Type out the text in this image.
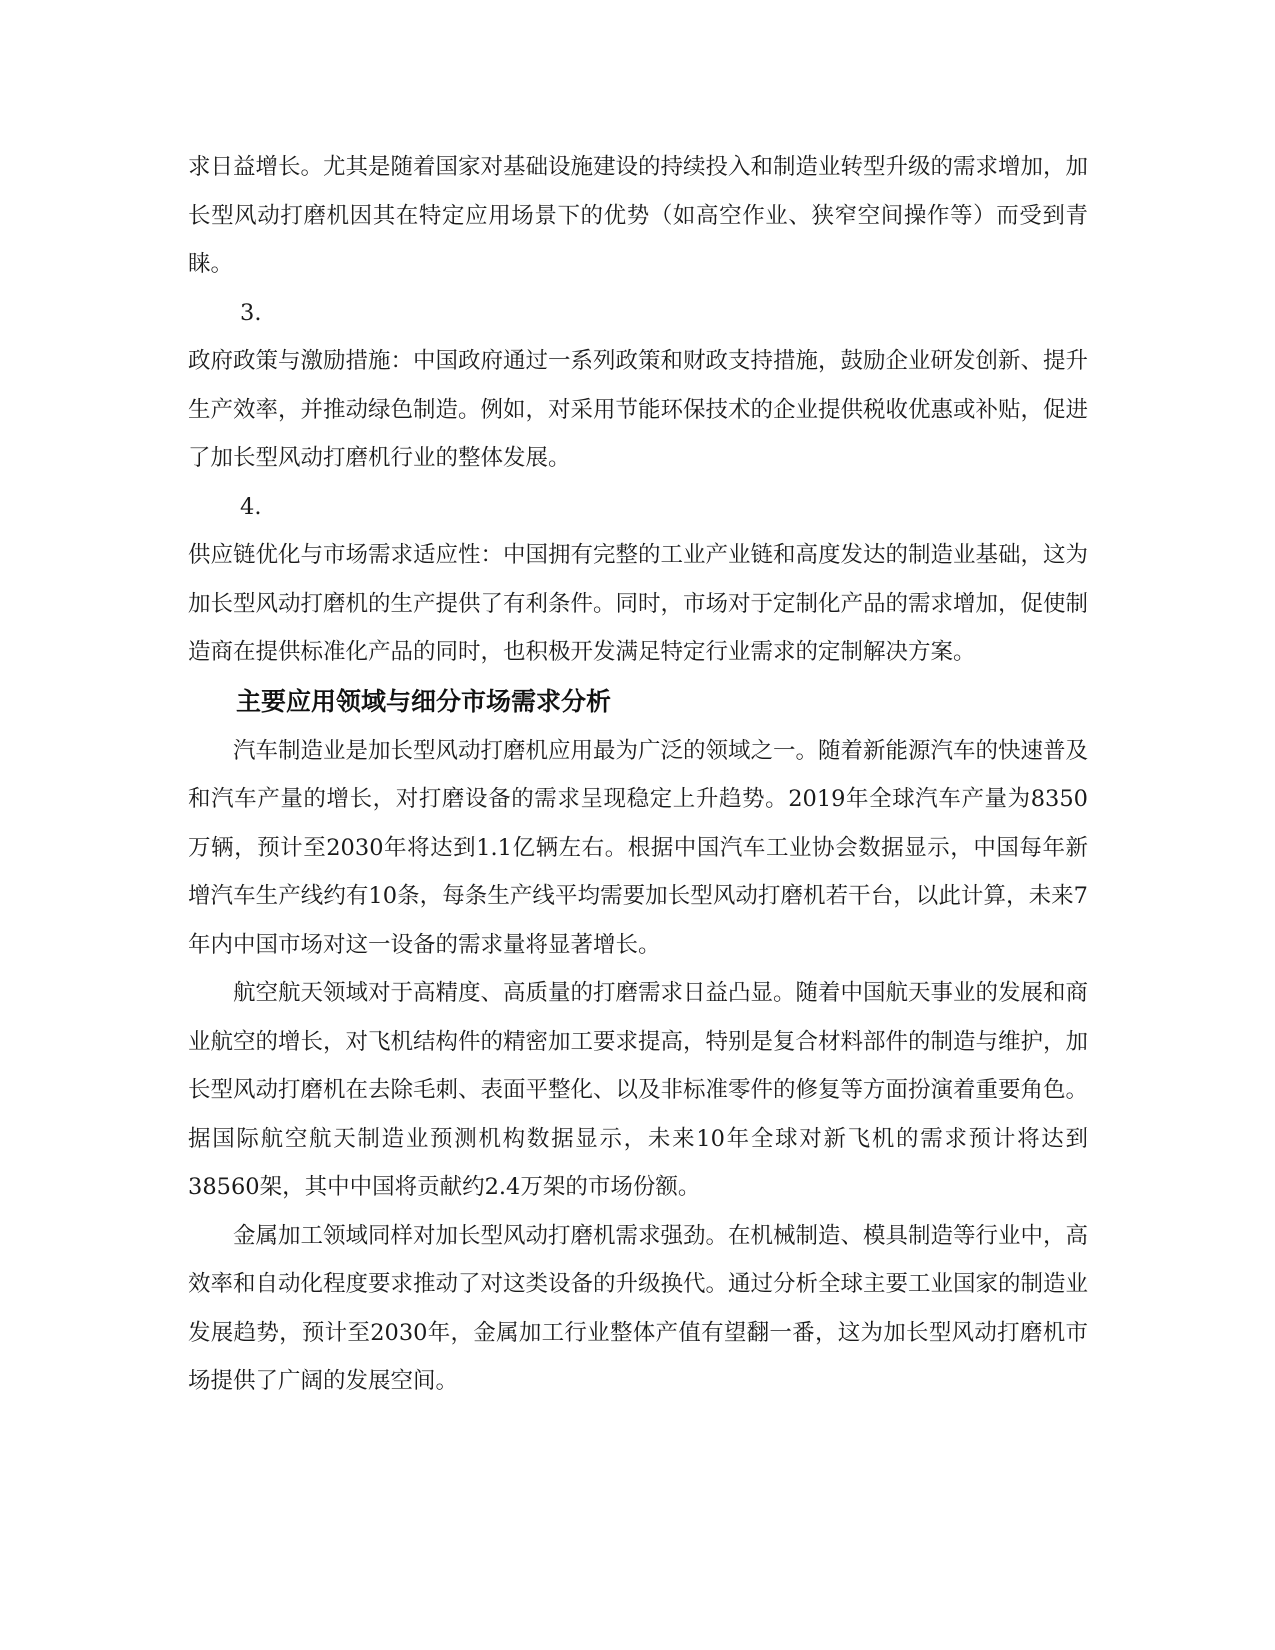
求日益增长。尤其是随着国家对基础设施建设的持续投入和制造业转型升级的需求增加，加长型风动打磨机因其在特定应用场景下的优势（如高空作业、狭窄空间操作等）而受到青睐。

3.

政府政策与激励措施：中国政府通过一系列政策和财政支持措施，鼓励企业研发创新、提升生产效率，并推动绿色制造。例如，对采用节能环保技术的企业提供税收优惠或补贴，促进了加长型风动打磨机行业的整体发展。

4.

供应链优化与市场需求适应性：中国拥有完整的工业产业链和高度发达的制造业基础，这为加长型风动打磨机的生产提供了有利条件。同时，市场对于定制化产品的需求增加，促使制造商在提供标准化产品的同时，也积极开发满足特定行业需求的定制解决方案。

主要应用领域与细分市场需求分析

汽车制造业是加长型风动打磨机应用最为广泛的领域之一。随着新能源汽车的快速普及和汽车产量的增长，对打磨设备的需求呈现稳定上升趋势。2019年全球汽车产量为8350万辆，预计至2030年将达到1.1亿辆左右。根据中国汽车工业协会数据显示，中国每年新增汽车生产线约有10条，每条生产线平均需要加长型风动打磨机若干台，以此计算，未来7年内中国市场对这一设备的需求量将显著增长。

航空航天领域对于高精度、高质量的打磨需求日益凸显。随着中国航天事业的发展和商业航空的增长，对飞机结构件的精密加工要求提高，特别是复合材料部件的制造与维护，加长型风动打磨机在去除毛刺、表面平整化、以及非标准零件的修复等方面扮演着重要角色。据国际航空航天制造业预测机构数据显示，未来10年全球对新飞机的需求预计将达到38560架，其中中国将贡献约2.4万架的市场份额。

金属加工领域同样对加长型风动打磨机需求强劲。在机械制造、模具制造等行业中，高效率和自动化程度要求推动了对这类设备的升级换代。通过分析全球主要工业国家的制造业发展趋势，预计至2030年，金属加工行业整体产值有望翻一番，这为加长型风动打磨机市场提供了广阔的发展空间。
